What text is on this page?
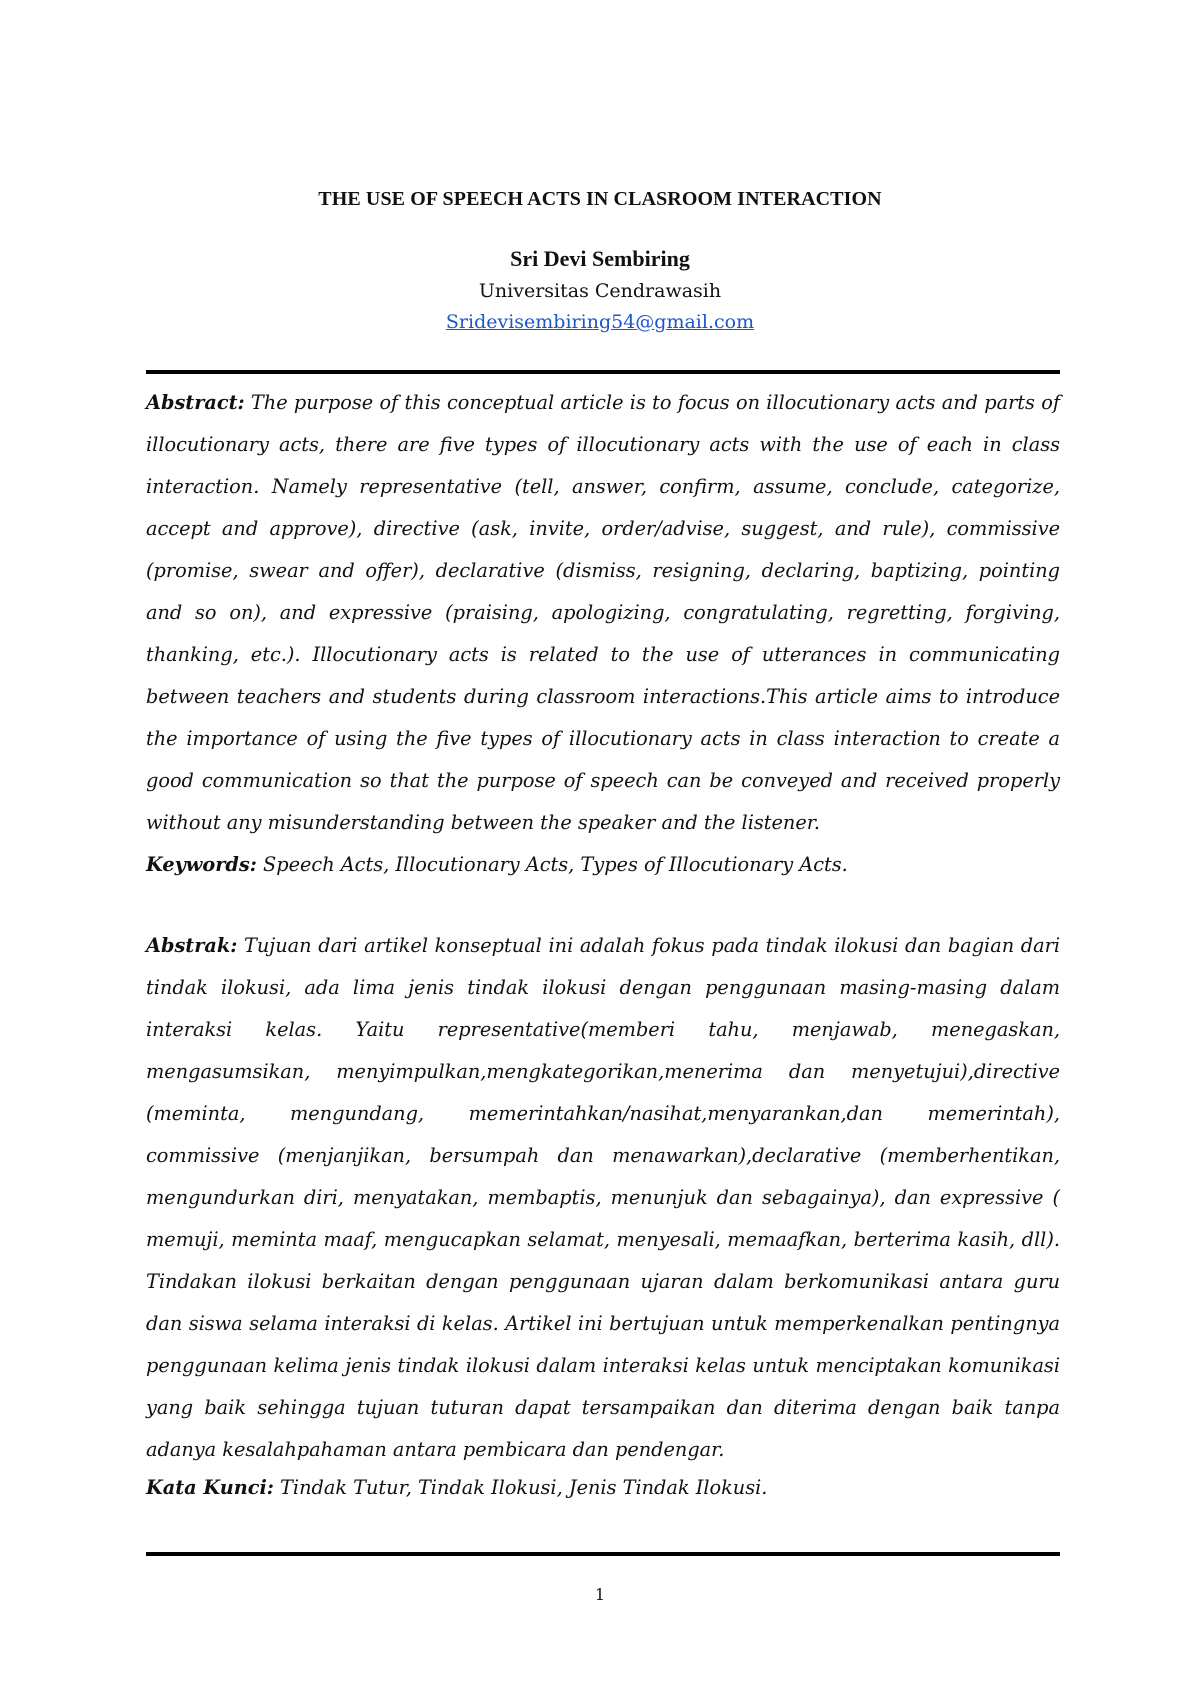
THE USE OF SPEECH ACTS IN CLASROOM INTERACTION
Sri Devi Sembiring
Universitas Cendrawasih
Sridevisembiring54@gmail.com
Abstract: The purpose of this conceptual article is to focus on illocutionary acts and parts of illocutionary acts, there are five types of illocutionary acts with the use of each in class interaction. Namely representative (tell, answer, confirm, assume, conclude, categorize, accept and approve), directive (ask, invite, order/advise, suggest, and rule), commissive (promise, swear and offer), declarative (dismiss, resigning, declaring, baptizing, pointing and so on), and expressive (praising, apologizing, congratulating, regretting, forgiving, thanking, etc.). Illocutionary acts is related to the use of utterances in communicating between teachers and students during classroom interactions.This article aims to introduce the importance of using the five types of illocutionary acts in class interaction to create a good communication so that the purpose of speech can be conveyed and received properly without any misunderstanding between the speaker and the listener.
Keywords: Speech Acts, Illocutionary Acts, Types of Illocutionary Acts.
Abstrak: Tujuan dari artikel konseptual ini adalah fokus pada tindak ilokusi dan bagian dari tindak ilokusi, ada lima jenis tindak ilokusi dengan penggunaan masing-masing dalam interaksi kelas. Yaitu representative(memberi tahu, menjawab, menegaskan, mengasumsikan, menyimpulkan,mengkategorikan,menerima dan menyetujui),directive (meminta, mengundang, memerintahkan/nasihat,menyarankan,dan memerintah), commissive (menjanjikan, bersumpah dan menawarkan),declarative (memberhentikan, mengundurkan diri, menyatakan, membaptis, menunjuk dan sebagainya), dan expressive ( memuji, meminta maaf, mengucapkan selamat, menyesali, memaafkan, berterima kasih, dll). Tindakan ilokusi berkaitan dengan penggunaan ujaran dalam berkomunikasi antara guru dan siswa selama interaksi di kelas. Artikel ini bertujuan untuk memperkenalkan pentingnya penggunaan kelima jenis tindak ilokusi dalam interaksi kelas untuk menciptakan komunikasi yang baik sehingga tujuan tuturan dapat tersampaikan dan diterima dengan baik tanpa adanya kesalahpahaman antara pembicara dan pendengar.
Kata Kunci: Tindak Tutur, Tindak Ilokusi, Jenis Tindak Ilokusi.
1
